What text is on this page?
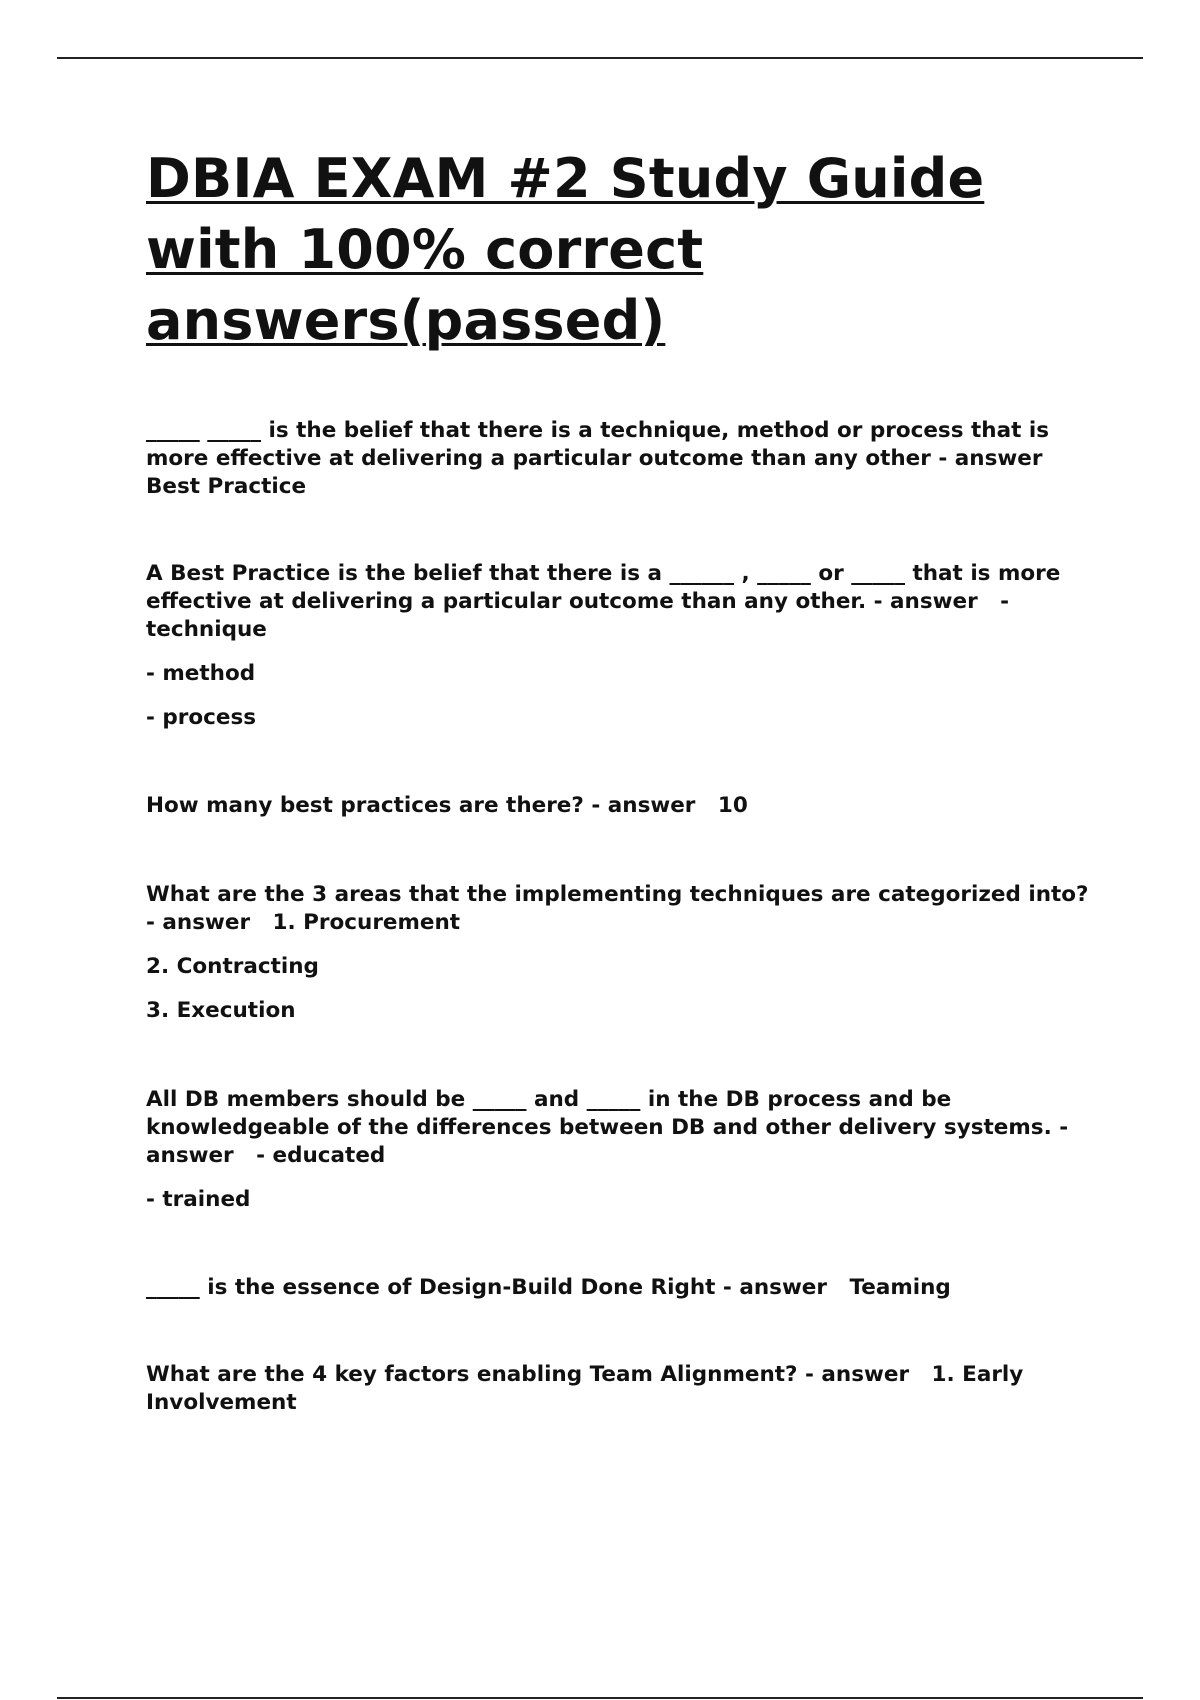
DBIA EXAM #2 Study Guide with 100% correct answers(passed)

_____ _____ is the belief that there is a technique, method or process that is more effective at delivering a particular outcome than any other - answer Best Practice

A Best Practice is the belief that there is a ______ , _____ or _____ that is more effective at delivering a particular outcome than any other. - answer   - technique

- method

- process

How many best practices are there? - answer   10

What are the 3 areas that the implementing techniques are categorized into? - answer   1. Procurement

2. Contracting

3. Execution

All DB members should be _____ and _____ in the DB process and be knowledgeable of the differences between DB and other delivery systems. - answer   - educated

- trained

_____ is the essence of Design-Build Done Right - answer   Teaming

What are the 4 key factors enabling Team Alignment? - answer   1. Early Involvement
